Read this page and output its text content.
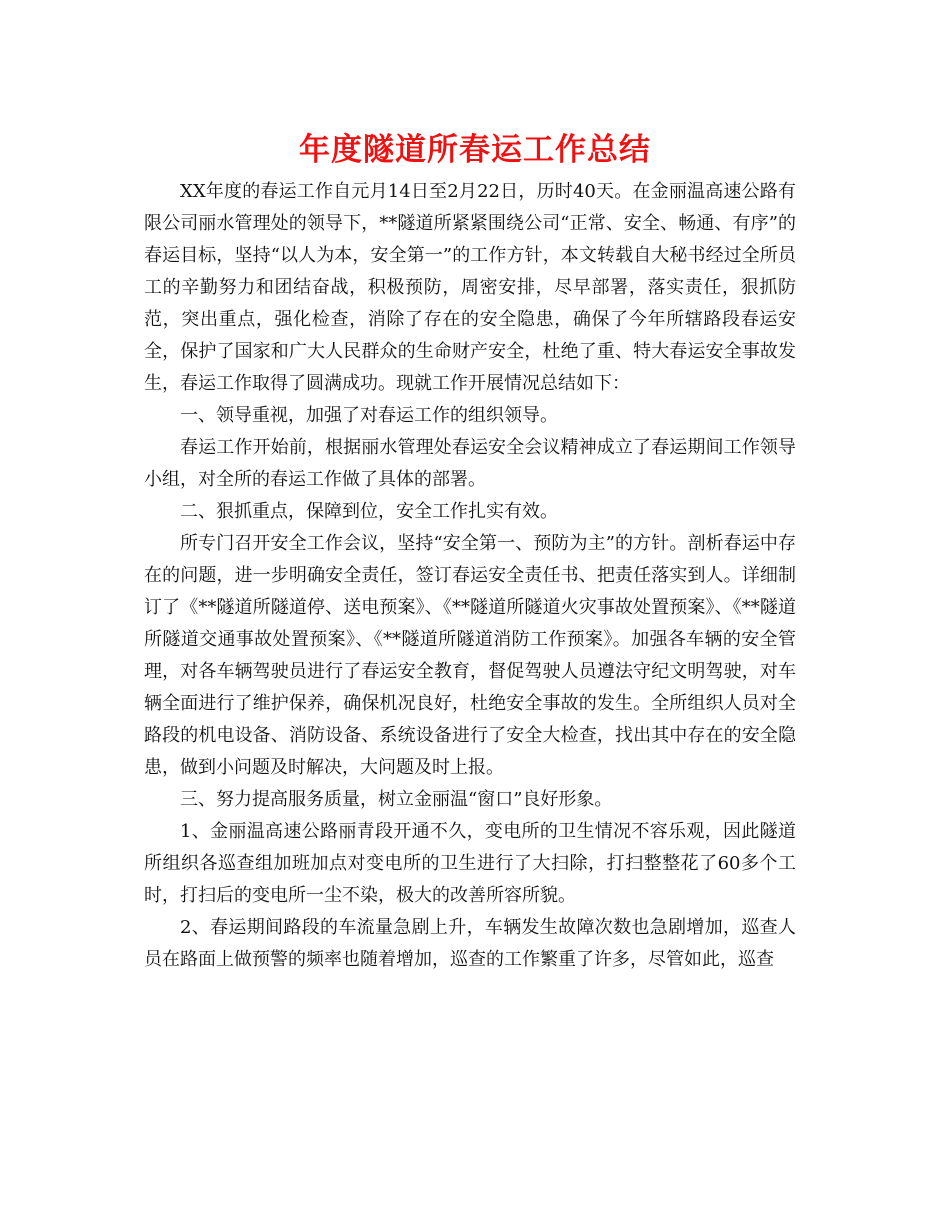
年度隧道所春运工作总结

XX年度的春运工作自元月14日至2月22日，历时40天。在金丽温高速公路有限公司丽水管理处的领导下，**隧道所紧紧围绕公司“正常、安全、畅通、有序”的春运目标，坚持“以人为本，安全第一”的工作方针，本文转载自大秘书经过全所员工的辛勤努力和团结奋战，积极预防，周密安排，尽早部署，落实责任，狠抓防范，突出重点，强化检查，消除了存在的安全隐患，确保了今年所辖路段春运安全，保护了国家和广大人民群众的生命财产安全，杜绝了重、特大春运安全事故发生，春运工作取得了圆满成功。现就工作开展情况总结如下：

一、领导重视，加强了对春运工作的组织领导。

春运工作开始前，根据丽水管理处春运安全会议精神成立了春运期间工作领导小组，对全所的春运工作做了具体的部署。

二、狠抓重点，保障到位，安全工作扎实有效。

所专门召开安全工作会议，坚持“安全第一、预防为主”的方针。剖析春运中存在的问题，进一步明确安全责任，签订春运安全责任书、把责任落实到人。详细制订了《**隧道所隧道停、送电预案》、《**隧道所隧道火灾事故处置预案》、《**隧道所隧道交通事故处置预案》、《**隧道所隧道消防工作预案》。加强各车辆的安全管理，对各车辆驾驶员进行了春运安全教育，督促驾驶人员遵法守纪文明驾驶，对车辆全面进行了维护保养，确保机况良好，杜绝安全事故的发生。全所组织人员对全路段的机电设备、消防设备、系统设备进行了安全大检查，找出其中存在的安全隐患，做到小问题及时解决，大问题及时上报。

三、努力提高服务质量，树立金丽温“窗口”良好形象。

1、金丽温高速公路丽青段开通不久，变电所的卫生情况不容乐观，因此隧道所组织各巡查组加班加点对变电所的卫生进行了大扫除，打扫整整花了60多个工时，打扫后的变电所一尘不染，极大的改善所容所貌。

2、春运期间路段的车流量急剧上升，车辆发生故障次数也急剧增加，巡查人员在路面上做预警的频率也随着增加，巡查的工作繁重了许多，尽管如此，巡查
